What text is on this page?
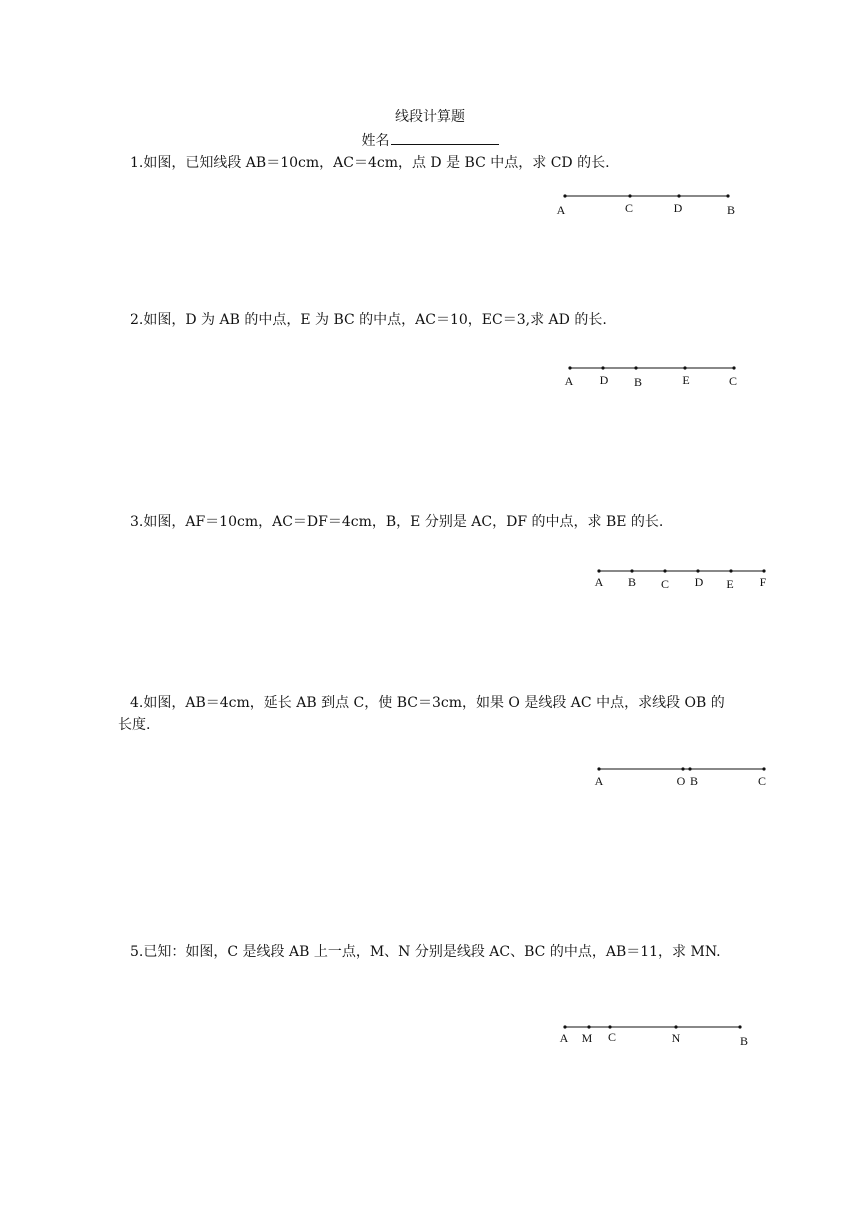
线段计算题
姓名
1.如图，已知线段 AB＝10cm，AC＝4cm，点 D 是 BC 中点，求 CD 的长.
2.如图，D 为 AB 的中点，E 为 BC 的中点，AC＝10，EC＝3,求 AD 的长.
3.如图，AF＝10cm，AC＝DF＝4cm，B，E 分别是 AC，DF 的中点，求 BE 的长.
4.如图，AB＝4cm，延长 AB 到点 C，使 BC＝3cm，如果 O 是线段 AC 中点，求线段 OB 的
长度.
5.已知：如图，C 是线段 AB 上一点，M、N 分别是线段 AC、BC 的中点，AB＝11，求 MN.
A	C	D	B
A D B	E	C
A B C D E F
A	O B	C
A M C	N	B
